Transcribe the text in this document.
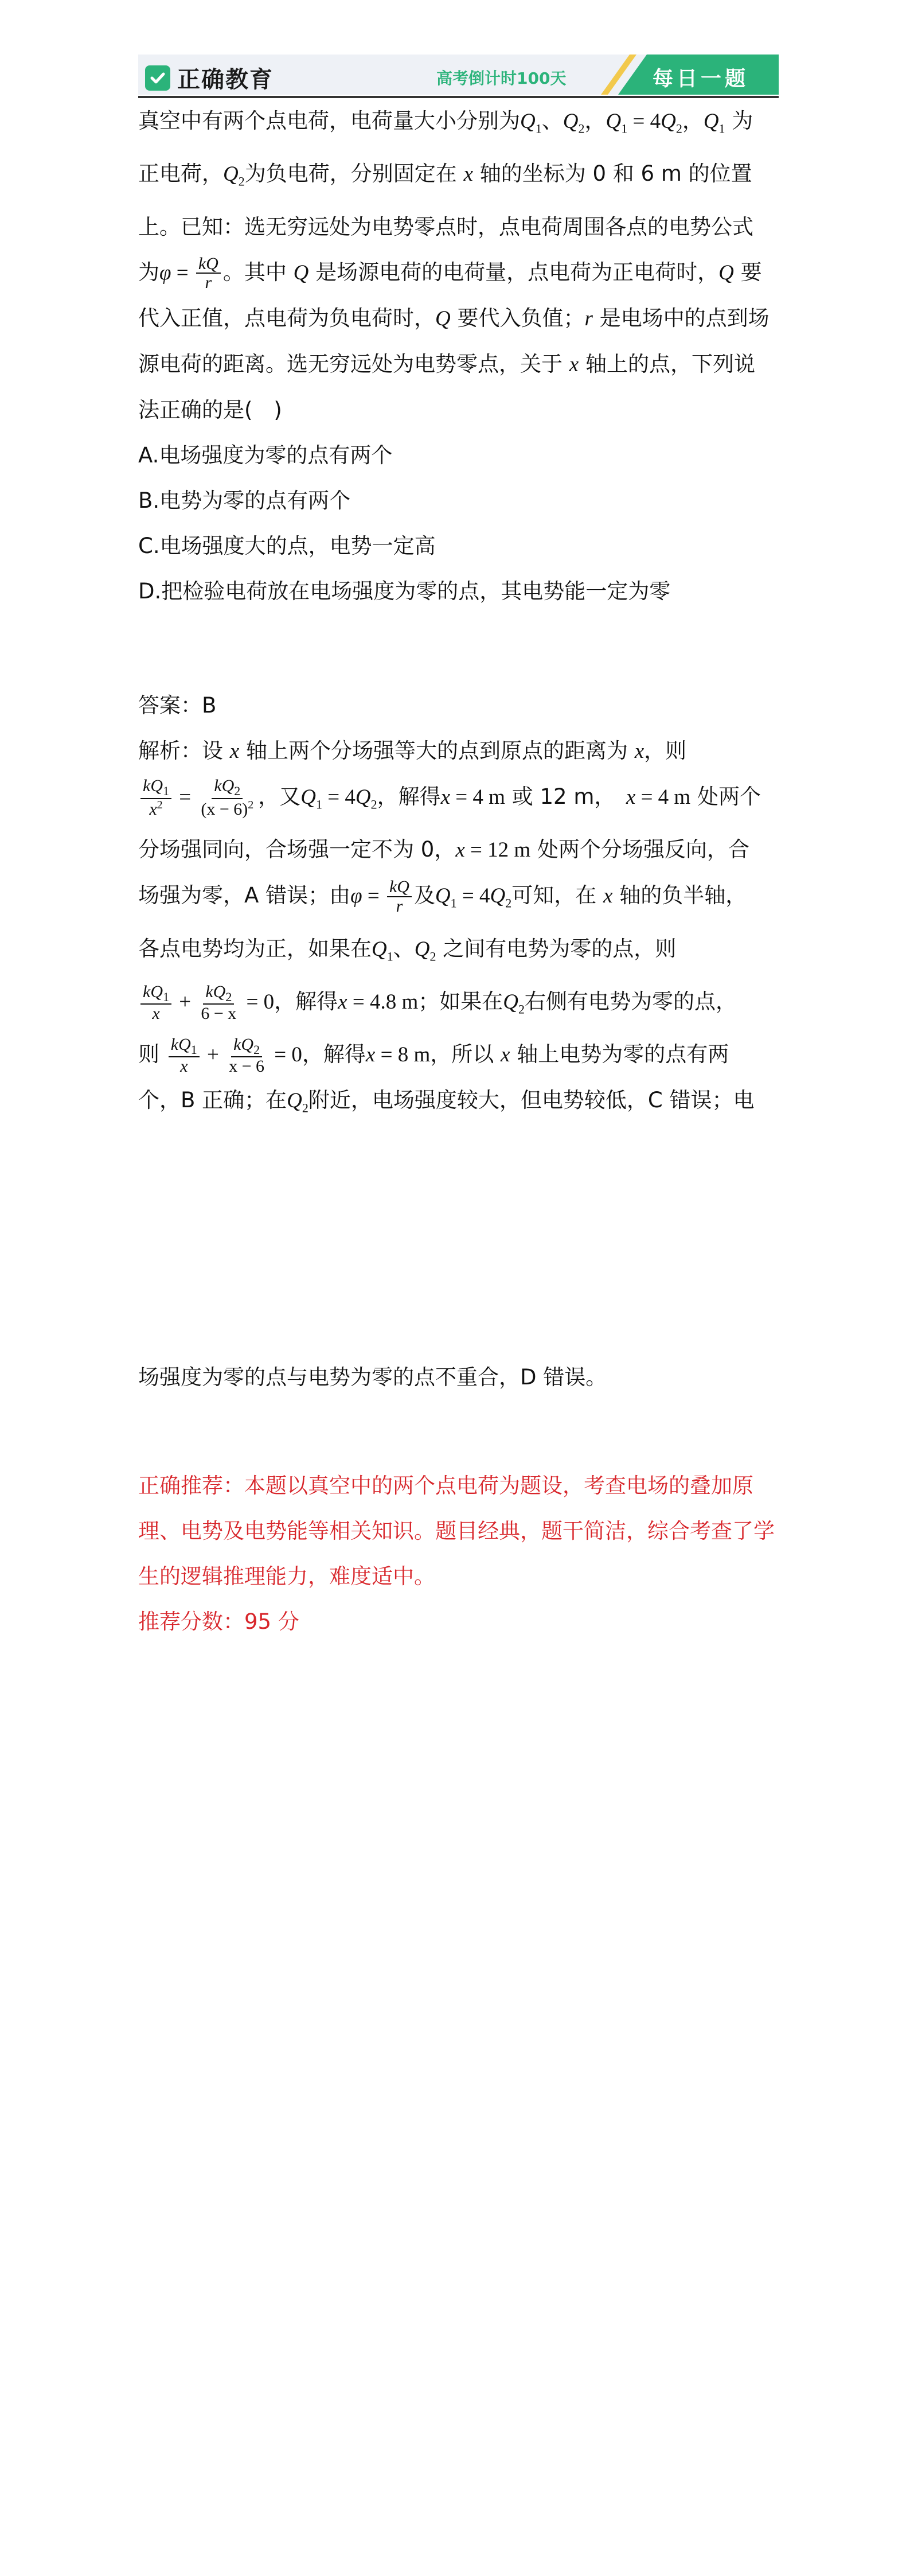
正确教育	高考倒计时100天	每日一题

真空中有两个点电荷，电荷量大小分别为$Q_1$、$Q_2$，$Q_1 = 4Q_2$，$Q_1$ 为

正电荷，$Q_2$为负电荷，分别固定在 x 轴的坐标为 0 和 6 m 的位置

上。已知：选无穷远处为电势零点时，点电荷周围各点的电势公式

为$\varphi = \frac{kQ}{r}$ 。其中 Q 是场源电荷的电荷量，点电荷为正电荷时，Q 要

代入正值，点电荷为负电荷时，Q 要代入负值；r 是电场中的点到场

源电荷的距离。选无穷远处为电势零点，关于 x 轴上的点，下列说

法正确的是(　)

A.电场强度为零的点有两个

B.电势为零的点有两个

C.电场强度大的点，电势一定高

D.把检验电荷放在电场强度为零的点，其电势能一定为零

答案：B

解析：设 x 轴上两个分场强等大的点到原点的距离为 x，则

$\frac{kQ_1}{x^2} = \frac{kQ_2}{(x - 6)^2}$ ，又$Q_1 = 4Q_2$，解得x = 4 m 或 12 m，　 x = 4 m 处两个

分场强同向，合场强一定不为 0，x = 12 m 处两个分场强反向，合

场强为零，A 错误；由$\varphi = \frac{kQ}{r}$ 及$Q_1 = 4Q_2$可知，在 x 轴的负半轴，

各点电势均为正，如果在$Q_1$、$Q_2$ 之间有电势为零的点，则

$\frac{kQ_1}{x} + \frac{kQ_2}{6 - x} = 0$，解得x = 4.8 m；如果在$Q_2$右侧有电势为零的点，

则 $\frac{kQ_1}{x} + \frac{kQ_2}{x - 6} = 0$，解得x = 8 m，所以 x 轴上电势为零的点有两

个，B 正确；在$Q_2$附近，电场强度较大，但电势较低，C 错误；电

场强度为零的点与电势为零的点不重合，D 错误。

正确推荐：本题以真空中的两个点电荷为题设，考查电场的叠加原理、电势及电势能等相关知识。题目经典，题干简洁，综合考查了学生的逻辑推理能力，难度适中。

推荐分数：95 分
